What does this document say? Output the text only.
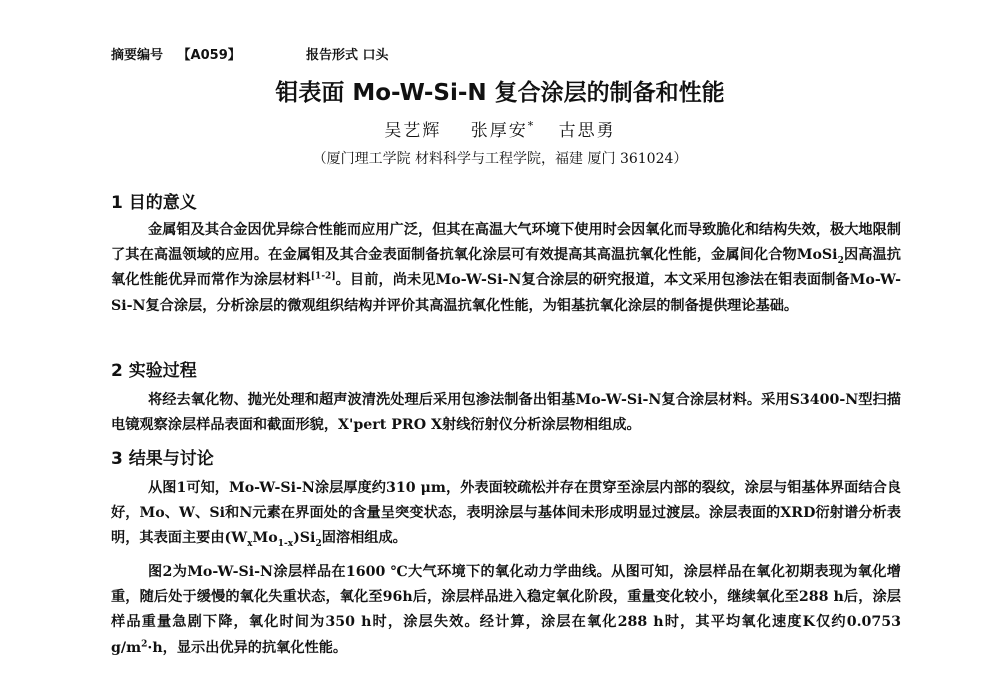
摘要编号 【A059】	报告形式 口头
钼表面 Mo-W-Si-N 复合涂层的制备和性能
吴艺辉 张厚安* 古思勇
（厦门理工学院 材料科学与工程学院，福建 厦门 361024）
1 目的意义

金属钼及其合金因优异综合性能而应用广泛，但其在高温大气环境下使用时会因氧化而导致脆化和结构失效，极大地限制了其在高温领域的应用。在金属钼及其合金表面制备抗氧化涂层可有效提高其高温抗氧化性能，金属间化合物MoSi$_2$因高温抗氧化性能优异而常作为涂层材料[1-2]。目前，尚未见Mo-W-Si-N复合涂层的研究报道，本文采用包渗法在钼表面制备Mo-W-Si-N复合涂层，分析涂层的微观组织结构并评价其高温抗氧化性能，为钼基抗氧化涂层的制备提供理论基础。

2 实验过程

将经去氧化物、抛光处理和超声波清洗处理后采用包渗法制备出钼基Mo-W-Si-N复合涂层材料。采用S3400-N型扫描电镜观察涂层样品表面和截面形貌，X'pert PRO X射线衍射仪分析涂层物相组成。

3 结果与讨论

从图1可知，Mo-W-Si-N涂层厚度约310 μm，外表面较疏松并存在贯穿至涂层内部的裂纹，涂层与钼基体界面结合良好，Mo、W、Si和N元素在界面处的含量呈突变状态，表明涂层与基体间未形成明显过渡层。涂层表面的XRD衍射谱分析表明，其表面主要由$(W_xMo_{1-x})Si_2$固溶相组成。

图2为Mo-W-Si-N涂层样品在1600 ℃大气环境下的氧化动力学曲线。从图可知，涂层样品在氧化初期表现为氧化增重，随后处于缓慢的氧化失重状态，氧化至96h后，涂层样品进入稳定氧化阶段，重量变化较小，继续氧化至288 h后，涂层样品重量急剧下降，氧化时间为350 h时，涂层失效。经计算，涂层在氧化288 h时，其平均氧化速度K仅约0.0753 $g/m^2\cdot h$，显示出优异的抗氧化性能。
